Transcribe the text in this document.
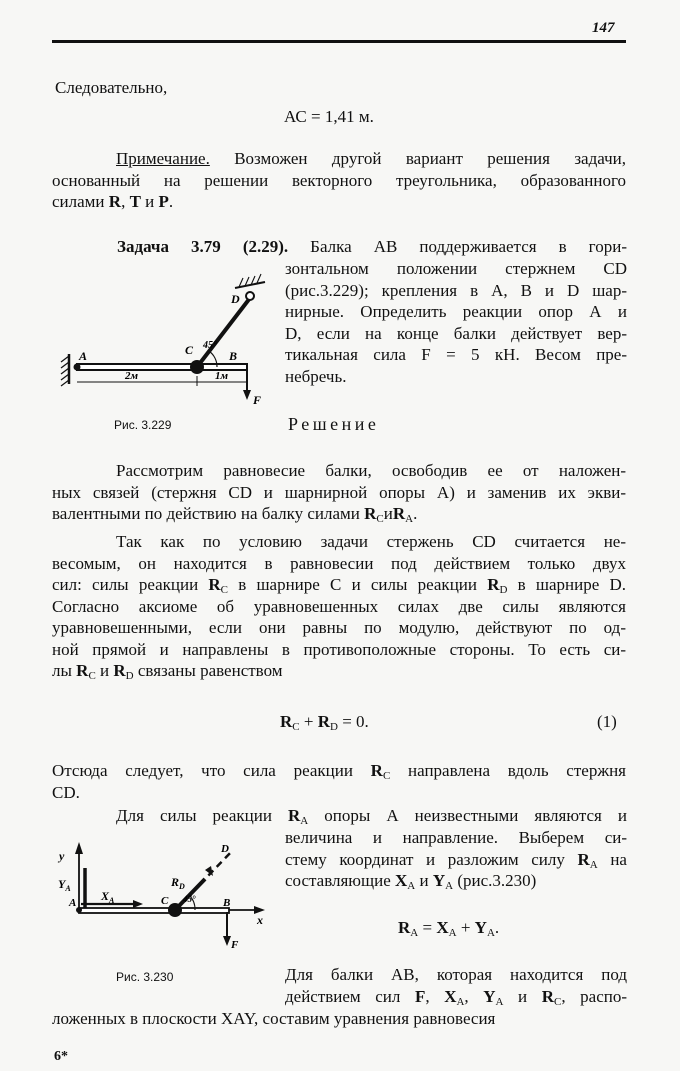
147
Следовательно,
АС = 1,41 м.
Примечание. Возможен другой вариант решения задачи,
основанный на решении векторного треугольника, образованного
силами R, T и P.
Задача 3.79 (2.29). Балка АВ поддерживается в гори-
зонтальном положении стержнем CD
(рис.3.229); крепления в А, В и D шар-
нирные. Определить реакции опор А и
D, если на конце балки действует вер-
тикальная сила F = 5 кН. Весом пре-
небречь.
A	B
C
D
F
45°
2м	1м
Рис. 3.229	Решение
Рассмотрим равновесие балки, освободив ее от наложен-
ных связей (стержня CD и шарнирной опоры А) и заменив их экви-
валентными по действию на балку силами $R_CиR_A$.
Так как по условию задачи стержень CD считается не-
весомым, он находится в равновесии под действием только двух
сил: силы реакции $R_C$ в шарнире С и силы реакции $R_D$ в шарнире D.
Согласно аксиоме об уравновешенных силах две силы являются
уравновешенными, если они равны по модулю, действуют по од-
ной прямой и направлены в противоположные стороны. То есть си-
лы $R_C$ и $R_D$ связаны равенством
$R_C + R_D = 0$.	(1)
Отсюда следует, что сила реакции $R_C$ направлена вдоль стержня
CD.
Для силы реакции $R_A$ опоры А неизвестными являются и
величина и направление. Выберем си-
стему координат и разложим силу $R_A$ на
составляющие $X_A$ и $Y_A$ (рис.3.230)
$R_A = X_A + Y_A$.
y
$Y_A$
$X_A$
A	C	B
D
$R_D$
45°
F
x
Рис. 3.230	Для балки АВ, которая находится под
действием сил F, $X_A$, $Y_A$ и $R_C$, распо-
ложенных в плоскости XAY, составим уравнения равновесия
6*
